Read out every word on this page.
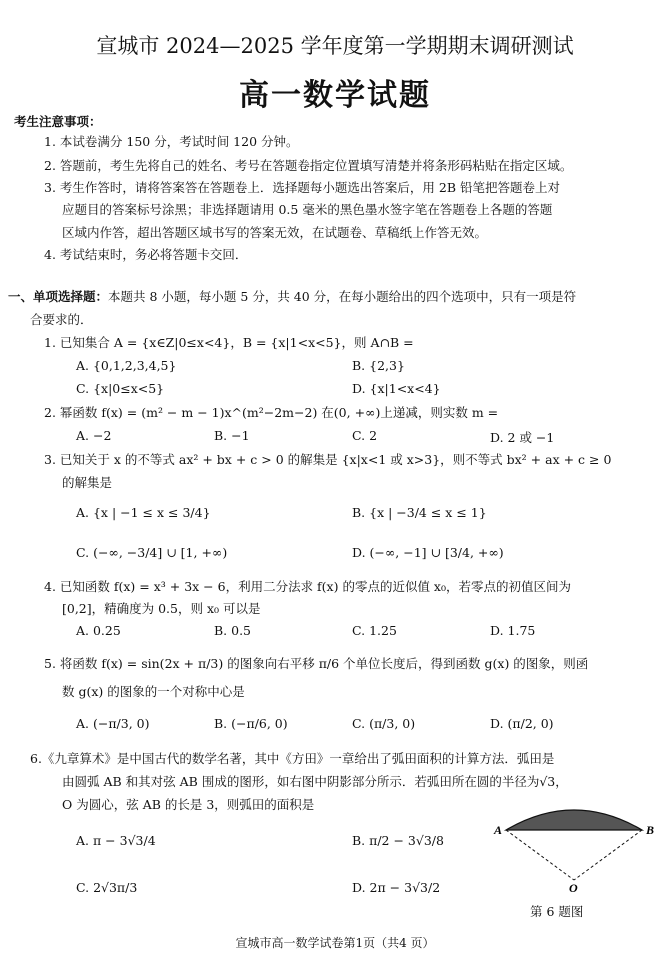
宣城市 2024—2025 学年度第一学期期末调研测试
高一数学试题
考生注意事项：
1. 本试卷满分 150 分，考试时间 120 分钟。
2. 答题前，考生先将自己的姓名、考号在答题卷指定位置填写清楚并将条形码粘贴在指定区域。
3. 考生作答时，请将答案答在答题卷上．选择题每小题选出答案后，用 2B 铅笔把答题卷上对
应题目的答案标号涂黑；非选择题请用 0.5 毫米的黑色墨水签字笔在答题卷上各题的答题
区域内作答，超出答题区域书写的答案无效，在试题卷、草稿纸上作答无效。
4. 考试结束时，务必将答题卡交回．
一、单项选择题：本题共 8 小题，每小题 5 分，共 40 分，在每小题给出的四个选项中，只有一项是符
合要求的．
1. 已知集合 A = {x∈Z|0≤x<4}，B = {x|1<x<5}，则 A∩B =
A. {0,1,2,3,4,5}	B. {2,3}
C. {x|0≤x<5}	D. {x|1<x<4}
2. 幂函数 f(x) = (m² − m − 1)x^(m²−2m−2) 在(0, +∞)上递减，则实数 m =
A. −2	B. −1	C. 2	D. 2 或 −1
3. 已知关于 x 的不等式 ax² + bx + c > 0 的解集是 {x|x<1 或 x>3}，则不等式 bx² + ax + c ≥ 0
的解集是
A. {x | −1 ≤ x ≤ 3/4}	B. {x | −3/4 ≤ x ≤ 1}
C. (−∞, −3/4] ∪ [1, +∞)	D. (−∞, −1] ∪ [3/4, +∞)
4. 已知函数 f(x) = x³ + 3x − 6，利用二分法求 f(x) 的零点的近似值 x₀，若零点的初值区间为
[0,2]，精确度为 0.5，则 x₀ 可以是
A. 0.25	B. 0.5	C. 1.25	D. 1.75
5. 将函数 f(x) = sin(2x + π/3) 的图象向右平移 π/6 个单位长度后，得到函数 g(x) 的图象，则函
数 g(x) 的图象的一个对称中心是
A. (−π/3, 0)	B. (−π/6, 0)	C. (π/3, 0)	D. (π/2, 0)
6.《九章算术》是中国古代的数学名著，其中《方田》一章给出了弧田面积的计算方法．弧田是
由圆弧 AB 和其对弦 AB 围成的图形，如右图中阴影部分所示．若弧田所在圆的半径为√3，
O 为圆心，弦 AB 的长是 3，则弧田的面积是
A. π − 3√3/4	B. π/2 − 3√3/8
C. 2√3π/3	D. 2π − 3√3/2
A	B
O
第 6 题图
宣城市高一数学试卷第1页（共4 页）
